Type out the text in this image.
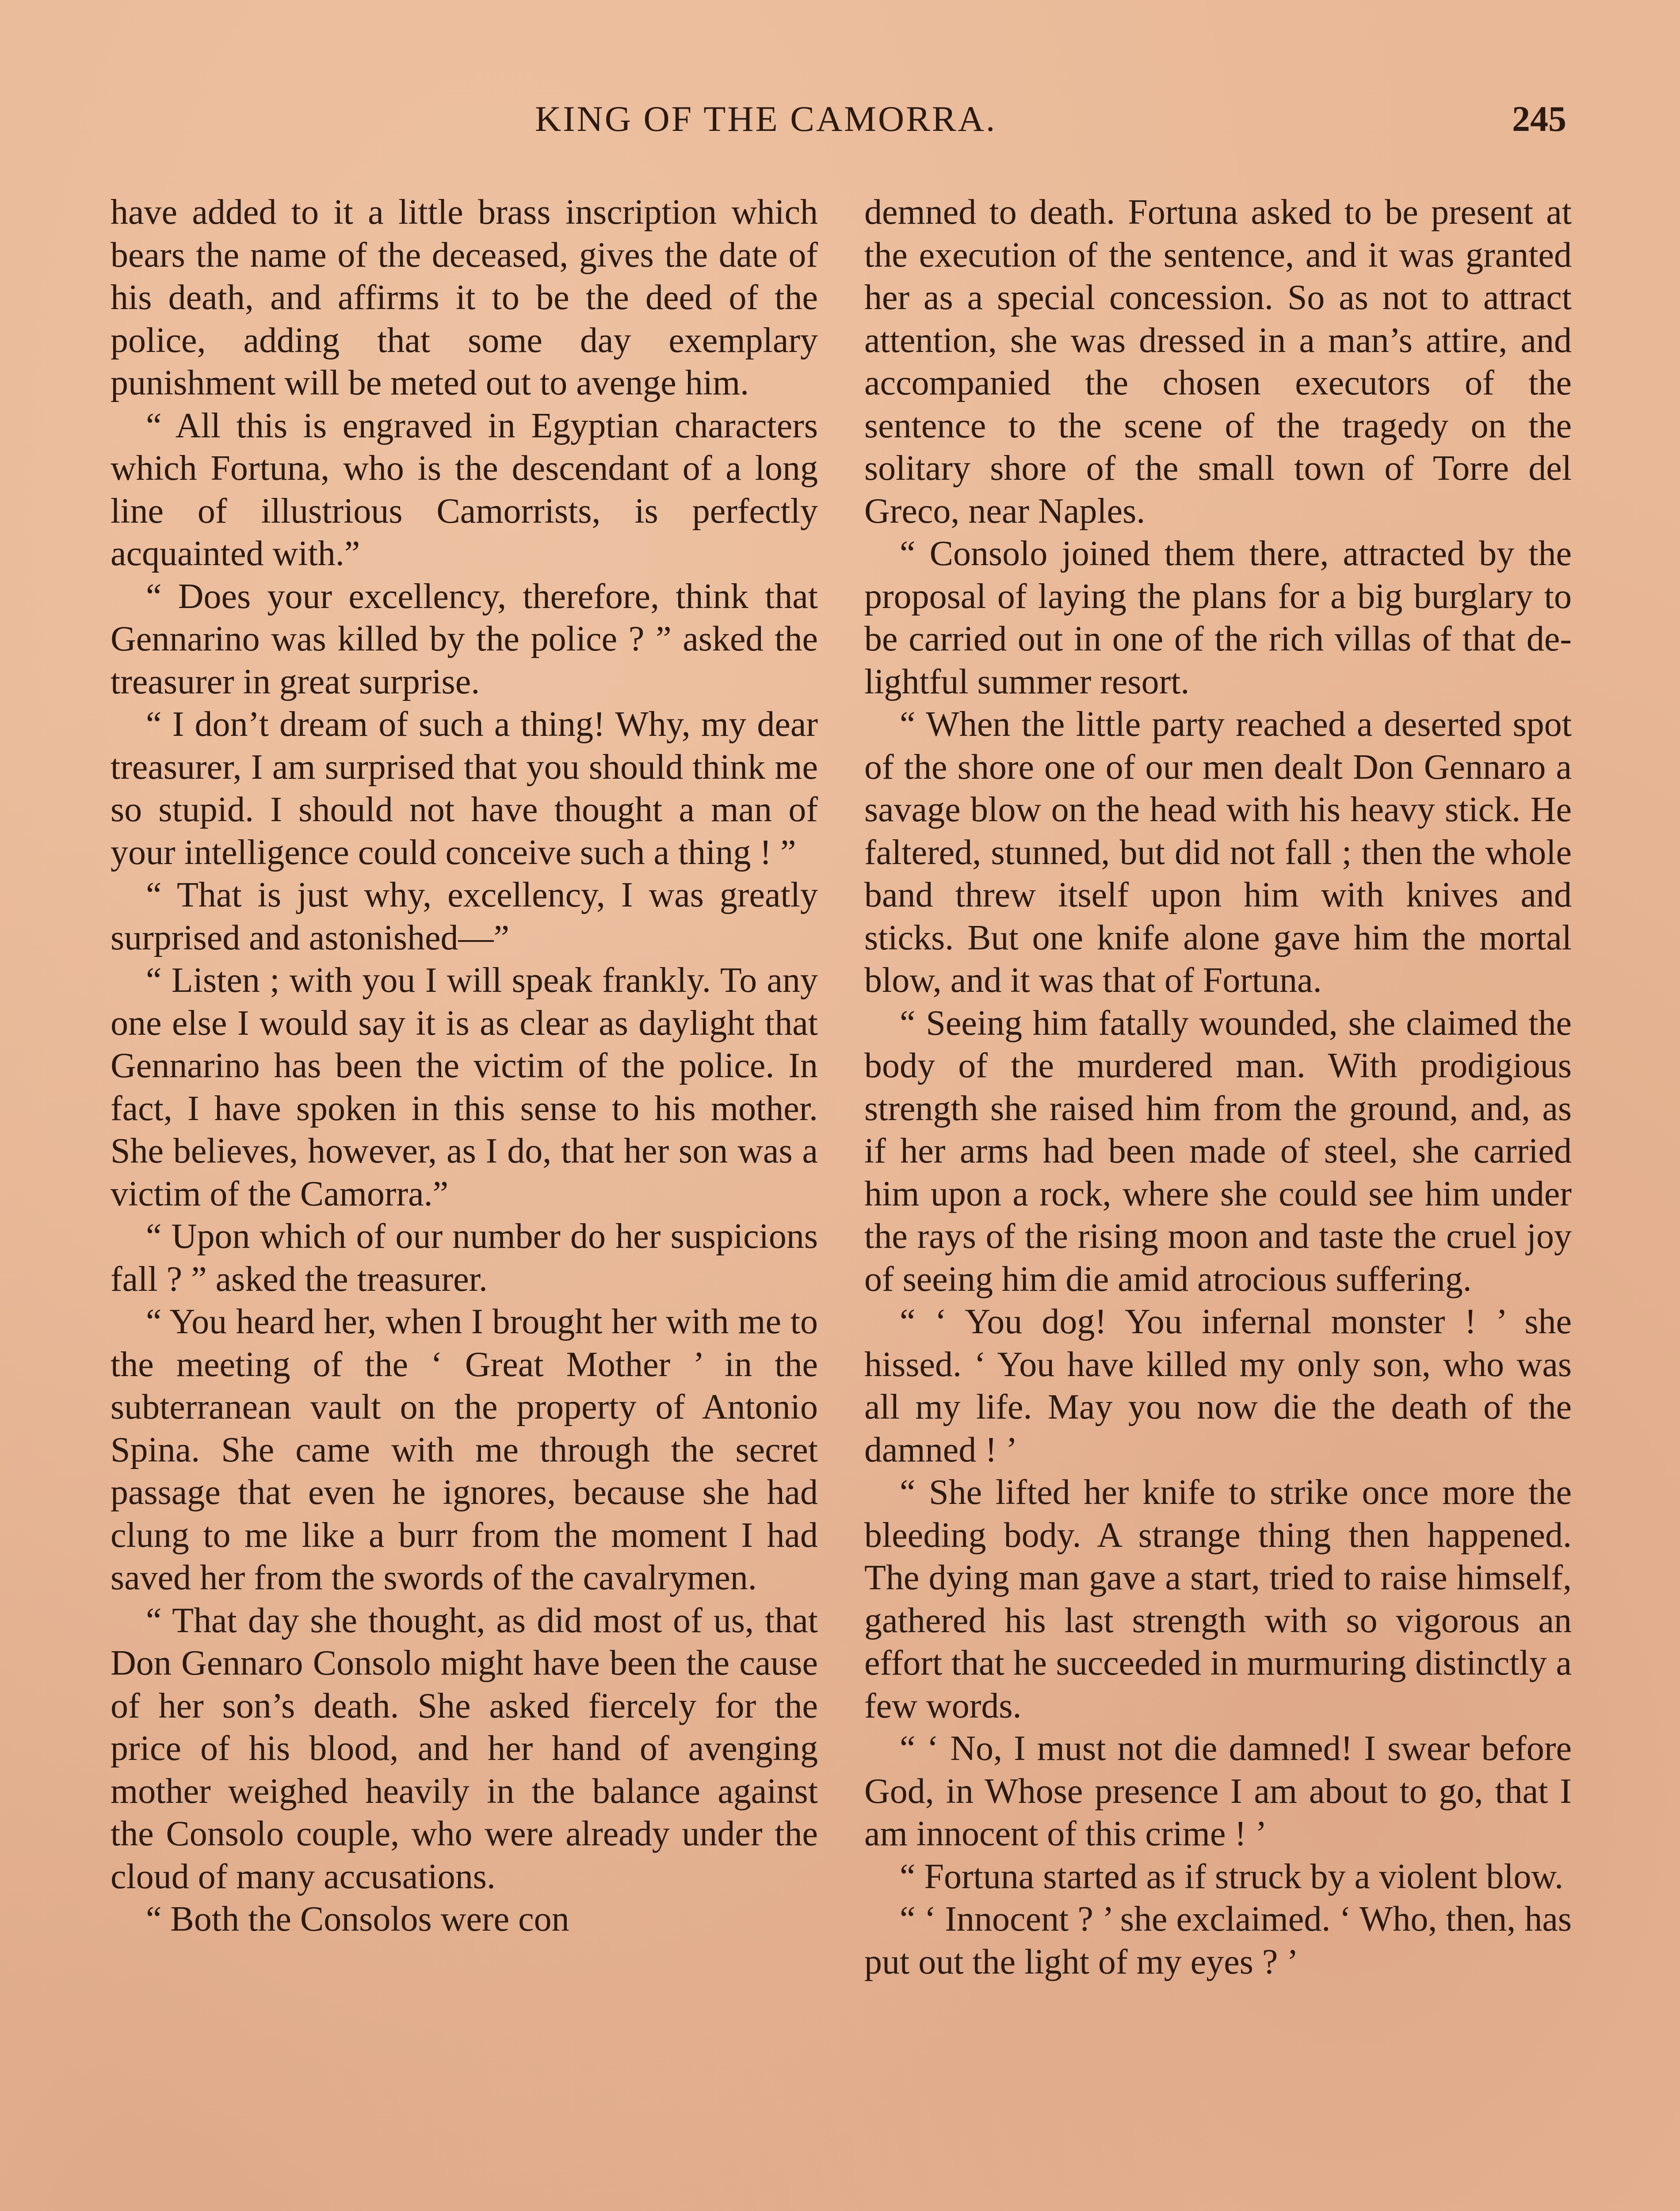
KING OF THE CAMORRA.	245

have added to it a little brass inscription which bears the name of the deceased, gives the date of his death, and affirms it to be the deed of the police, adding that some day exemplary punishment will be meted out to avenge him.

“ All this is engraved in Egyptian characters which Fortuna, who is the descendant of a long line of illustrious Camorrists, is perfectly acquainted with.”

“ Does your excellency, therefore, think that Gennarino was killed by the police ? ” asked the treasurer in great surprise.

“ I don’t dream of such a thing! Why, my dear treasurer, I am surprised that you should think me so stupid. I should not have thought a man of your intelligence could conceive such a thing ! ”

“ That is just why, excellency, I was greatly surprised and astonished—”

“ Listen ; with you I will speak frankly. To any one else I would say it is as clear as daylight that Gennarino has been the victim of the police. In fact, I have spoken in this sense to his mother. She believes, however, as I do, that her son was a victim of the Camorra.”

“ Upon which of our number do her suspicions fall ? ” asked the treasurer.

“ You heard her, when I brought her with me to the meeting of the ‘ Great Mother ’ in the subterranean vault on the property of Antonio Spina. She came with me through the secret passage that even he ignores, because she had clung to me like a burr from the moment I had saved her from the swords of the cavalrymen.

“ That day she thought, as did most of us, that Don Gennaro Consolo might have been the cause of her son’s death. She asked fiercely for the price of his blood, and her hand of avenging mother weighed heavily in the balance against the Consolo couple, who were already under the cloud of many accusations.

“ Both the Consolos were con

demned to death. Fortuna asked to be present at the execution of the sentence, and it was granted her as a special concession. So as not to attract attention, she was dressed in a man’s attire, and accompanied the chosen executors of the sentence to the scene of the tragedy on the solitary shore of the small town of Torre del Greco, near Naples.

“ Consolo joined them there, attracted by the proposal of laying the plans for a big burglary to be carried out in one of the rich villas of that delightful summer resort.

“ When the little party reached a deserted spot of the shore one of our men dealt Don Gennaro a savage blow on the head with his heavy stick. He faltered, stunned, but did not fall ; then the whole band threw itself upon him with knives and sticks. But one knife alone gave him the mortal blow, and it was that of Fortuna.

“ Seeing him fatally wounded, she claimed the body of the murdered man. With prodigious strength she raised him from the ground, and, as if her arms had been made of steel, she carried him upon a rock, where she could see him under the rays of the rising moon and taste the cruel joy of seeing him die amid atrocious suffering.

“ ‘ You dog! You infernal monster ! ’ she hissed. ‘ You have killed my only son, who was all my life. May you now die the death of the damned ! ’

“ She lifted her knife to strike once more the bleeding body. A strange thing then happened. The dying man gave a start, tried to raise himself, gathered his last strength with so vigorous an effort that he succeeded in murmuring distinctly a few words.

“ ‘ No, I must not die damned! I swear before God, in Whose presence I am about to go, that I am innocent of this crime ! ’

“ Fortuna started as if struck by a violent blow.

“ ‘ Innocent ? ’ she exclaimed. ‘ Who, then, has put out the light of my eyes ? ’
